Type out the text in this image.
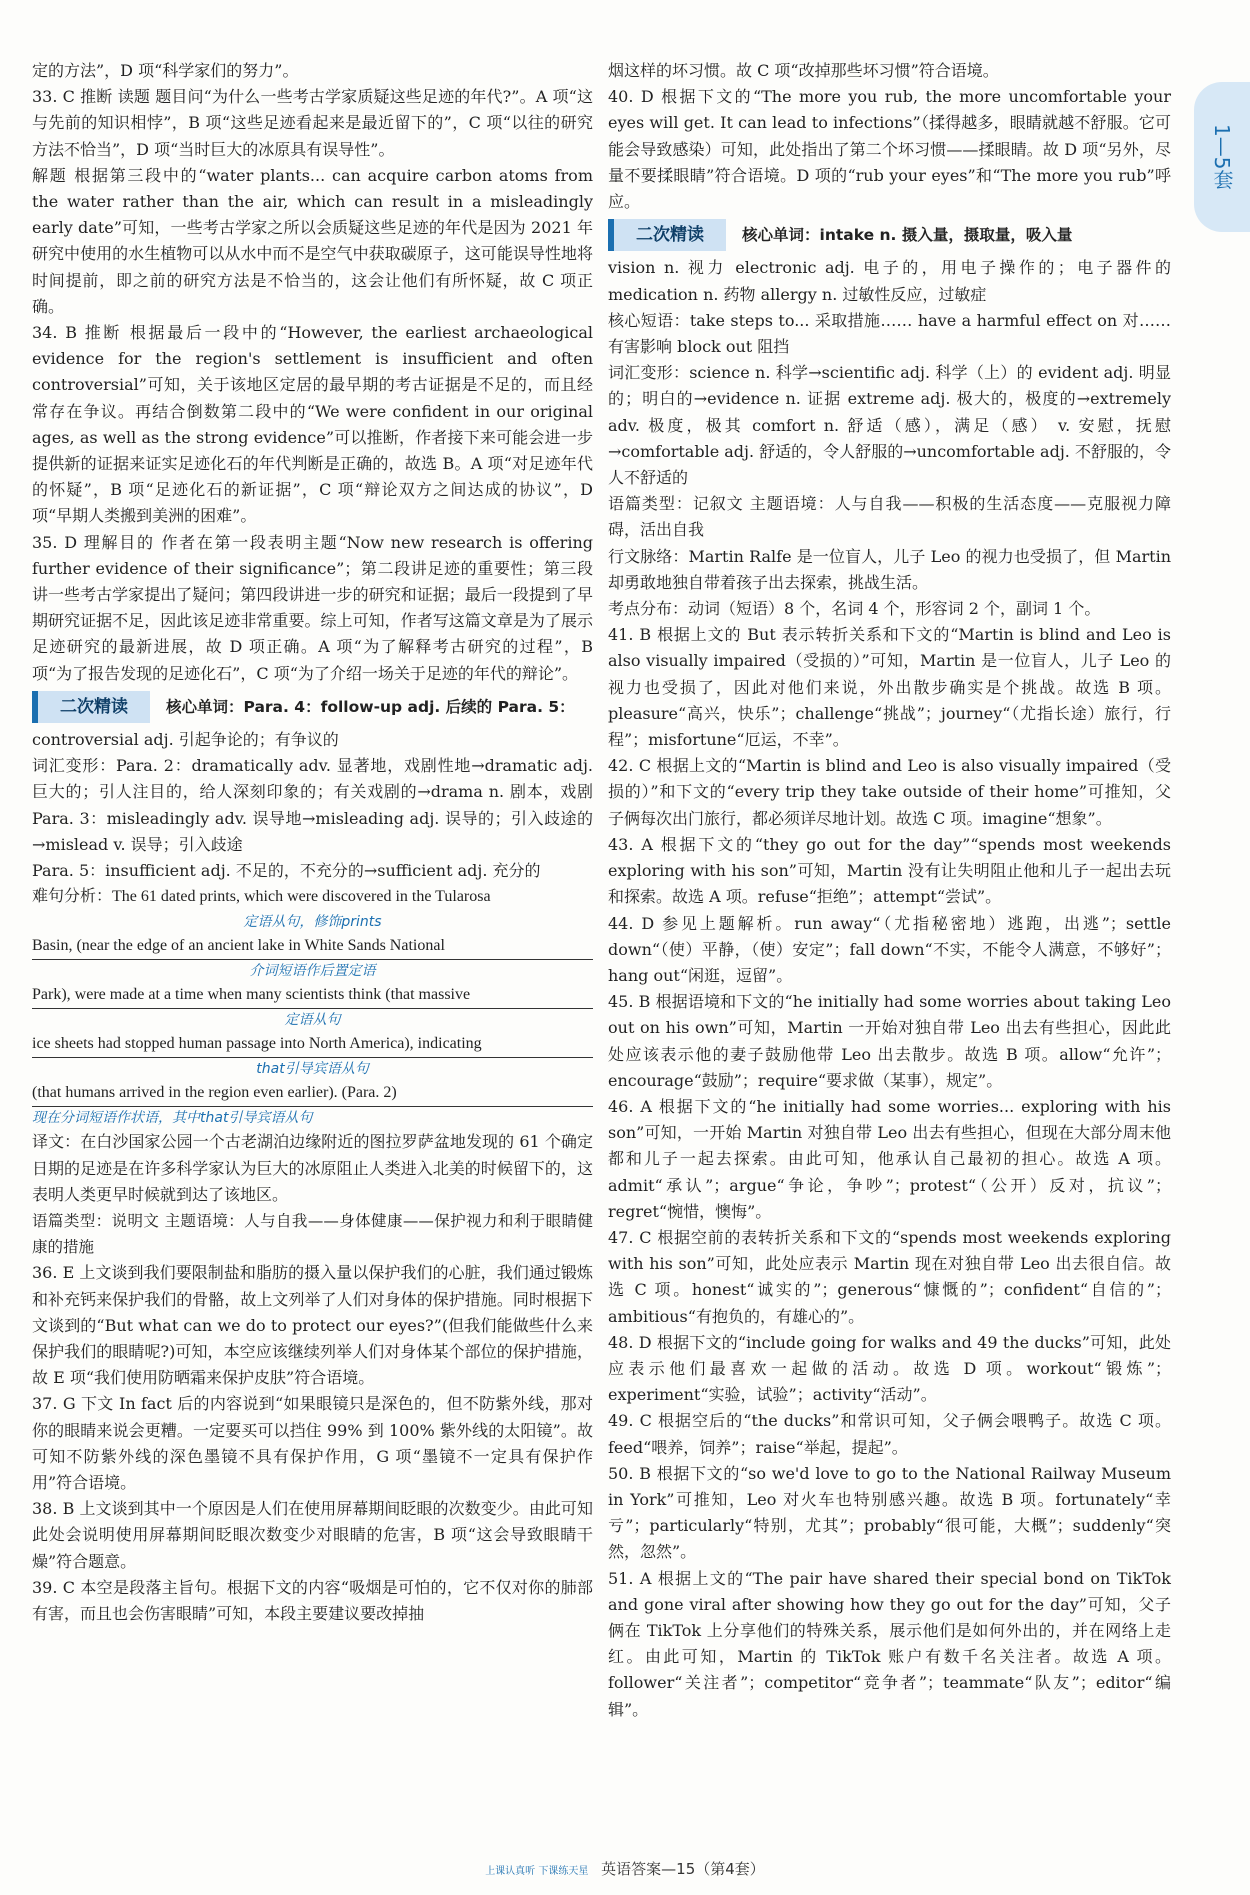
1—5套

定的方法”，D 项“科学家们的努力”。

33. C 推断 读题 题目问“为什么一些考古学家质疑这些足迹的年代?”。A 项“这与先前的知识相悖”，B 项“这些足迹看起来是最近留下的”，C 项“以往的研究方法不恰当”，D 项“当时巨大的冰原具有误导性”。

解题 根据第三段中的“water plants... can acquire carbon atoms from the water rather than the air, which can result in a misleadingly early date”可知，一些考古学家之所以会质疑这些足迹的年代是因为 2021 年研究中使用的水生植物可以从水中而不是空气中获取碳原子，这可能误导性地将时间提前，即之前的研究方法是不恰当的，这会让他们有所怀疑，故 C 项正确。

34. B 推断 根据最后一段中的“However, the earliest archaeological evidence for the region's settlement is insufficient and often controversial”可知，关于该地区定居的最早期的考古证据是不足的，而且经常存在争议。再结合倒数第二段中的“We were confident in our original ages, as well as the strong evidence”可以推断，作者接下来可能会进一步提供新的证据来证实足迹化石的年代判断是正确的，故选 B。A 项“对足迹年代的怀疑”，B 项“足迹化石的新证据”，C 项“辩论双方之间达成的协议”，D 项“早期人类搬到美洲的困难”。

35. D 理解目的 作者在第一段表明主题“Now new research is offering further evidence of their significance”；第二段讲足迹的重要性；第三段讲一些考古学家提出了疑问；第四段讲进一步的研究和证据；最后一段提到了早期研究证据不足，因此该足迹非常重要。综上可知，作者写这篇文章是为了展示足迹研究的最新进展，故 D 项正确。A 项“为了解释考古研究的过程”，B 项“为了报告发现的足迹化石”，C 项“为了介绍一场关于足迹的年代的辩论”。

二次精读	核心单词：Para. 4：follow-up adj. 后续的 Para. 5：

controversial adj. 引起争论的；有争议的

词汇变形：Para. 2：dramatically adv. 显著地，戏剧性地→dramatic adj. 巨大的；引人注目的，给人深刻印象的；有关戏剧的→drama n. 剧本，戏剧 Para. 3：misleadingly adv. 误导地→misleading adj. 误导的；引入歧途的→mislead v. 误导；引入歧途

Para. 5：insufficient adj. 不足的，不充分的→sufficient adj. 充分的

难句分析：The 61 dated prints, which were discovered in the Tularosa

定语从句，修饰prints

Basin, (near the edge of an ancient lake in White Sands National

介词短语作后置定语

Park), were made at a time when many scientists think (that massive

定语从句

ice sheets had stopped human passage into North America), indicating

that引导宾语从句

(that humans arrived in the region even earlier). (Para. 2)

现在分词短语作状语，其中that引导宾语从句

译文：在白沙国家公园一个古老湖泊边缘附近的图拉罗萨盆地发现的 61 个确定日期的足迹是在许多科学家认为巨大的冰原阻止人类进入北美的时候留下的，这表明人类更早时候就到达了该地区。

语篇类型：说明文 主题语境：人与自我——身体健康——保护视力和利于眼睛健康的措施

36. E 上文谈到我们要限制盐和脂肪的摄入量以保护我们的心脏，我们通过锻炼和补充钙来保护我们的骨骼，故上文列举了人们对身体的保护措施。同时根据下文谈到的“But what can we do to protect our eyes?”(但我们能做些什么来保护我们的眼睛呢?)可知，本空应该继续列举人们对身体某个部位的保护措施，故 E 项“我们使用防晒霜来保护皮肤”符合语境。

37. G 下文 In fact 后的内容说到“如果眼镜只是深色的，但不防紫外线，那对你的眼睛来说会更糟。一定要买可以挡住 99% 到 100% 紫外线的太阳镜”。故可知不防紫外线的深色墨镜不具有保护作用，G 项“墨镜不一定具有保护作用”符合语境。

38. B 上文谈到其中一个原因是人们在使用屏幕期间眨眼的次数变少。由此可知此处会说明使用屏幕期间眨眼次数变少对眼睛的危害，B 项“这会导致眼睛干燥”符合题意。

39. C 本空是段落主旨句。根据下文的内容“吸烟是可怕的，它不仅对你的肺部有害，而且也会伤害眼睛”可知，本段主要建议要改掉抽

烟这样的坏习惯。故 C 项“改掉那些坏习惯”符合语境。

40. D 根据下文的“The more you rub, the more uncomfortable your eyes will get. It can lead to infections”（揉得越多，眼睛就越不舒服。它可能会导致感染）可知，此处指出了第二个坏习惯——揉眼睛。故 D 项“另外，尽量不要揉眼睛”符合语境。D 项的“rub your eyes”和“The more you rub”呼应。

二次精读	核心单词：intake n. 摄入量，摄取量，吸入量

vision n. 视力 electronic adj. 电子的，用电子操作的；电子器件的 medication n. 药物 allergy n. 过敏性反应，过敏症

核心短语：take steps to... 采取措施…… have a harmful effect on 对……有害影响 block out 阻挡

词汇变形：science n. 科学→scientific adj. 科学（上）的 evident adj. 明显的；明白的→evidence n. 证据 extreme adj. 极大的，极度的→extremely adv. 极度，极其 comfort n. 舒适（感），满足（感） v. 安慰，抚慰→comfortable adj. 舒适的，令人舒服的→uncomfortable adj. 不舒服的，令人不舒适的

语篇类型：记叙文 主题语境：人与自我——积极的生活态度——克服视力障碍，活出自我

行文脉络：Martin Ralfe 是一位盲人，儿子 Leo 的视力也受损了，但 Martin 却勇敢地独自带着孩子出去探索，挑战生活。

考点分布：动词（短语）8 个，名词 4 个，形容词 2 个，副词 1 个。

41. B 根据上文的 But 表示转折关系和下文的“Martin is blind and Leo is also visually impaired（受损的）”可知，Martin 是一位盲人，儿子 Leo 的视力也受损了，因此对他们来说，外出散步确实是个挑战。故选 B 项。pleasure“高兴，快乐”；challenge“挑战”；journey“（尤指长途）旅行，行程”；misfortune“厄运，不幸”。

42. C 根据上文的“Martin is blind and Leo is also visually impaired（受损的）”和下文的“every trip they take outside of their home”可推知，父子俩每次出门旅行，都必须详尽地计划。故选 C 项。imagine“想象”。

43. A 根据下文的“they go out for the day”“spends most weekends exploring with his son”可知，Martin 没有让失明阻止他和儿子一起出去玩和探索。故选 A 项。refuse“拒绝”；attempt“尝试”。

44. D 参见上题解析。run away“（尤指秘密地）逃跑，出逃”；settle down“（使）平静，（使）安定”；fall down“不实，不能令人满意，不够好”；hang out“闲逛，逗留”。

45. B 根据语境和下文的“he initially had some worries about taking Leo out on his own”可知，Martin 一开始对独自带 Leo 出去有些担心，因此此处应该表示他的妻子鼓励他带 Leo 出去散步。故选 B 项。allow“允许”；encourage“鼓励”；require“要求做（某事），规定”。

46. A 根据下文的“he initially had some worries... exploring with his son”可知，一开始 Martin 对独自带 Leo 出去有些担心，但现在大部分周末他都和儿子一起去探索。由此可知，他承认自己最初的担心。故选 A 项。admit“承认”；argue“争论，争吵”；protest“（公开）反对，抗议”；regret“惋惜，懊悔”。

47. C 根据空前的表转折关系和下文的“spends most weekends exploring with his son”可知，此处应表示 Martin 现在对独自带 Leo 出去很自信。故选 C 项。honest“诚实的”；generous“慷慨的”；confident“自信的”；ambitious“有抱负的，有雄心的”。

48. D 根据下文的“include going for walks and 49 the ducks”可知，此处应表示他们最喜欢一起做的活动。故选 D 项。workout“锻炼”；experiment“实验，试验”；activity“活动”。

49. C 根据空后的“the ducks”和常识可知，父子俩会喂鸭子。故选 C 项。feed“喂养，饲养”；raise“举起，提起”。

50. B 根据下文的“so we'd love to go to the National Railway Museum in York”可推知，Leo 对火车也特别感兴趣。故选 B 项。fortunately“幸亏”；particularly“特别，尤其”；probably“很可能，大概”；suddenly“突然，忽然”。

51. A 根据上文的“The pair have shared their special bond on TikTok and gone viral after showing how they go out for the day”可知，父子俩在 TikTok 上分享他们的特殊关系，展示他们是如何外出的，并在网络上走红。由此可知，Martin 的 TikTok 账户有数千名关注者。故选 A 项。follower“关注者”；competitor“竞争者”；teammate“队友”；editor“编辑”。

上课认真听 下课练天星 英语答案—15（第4套）
